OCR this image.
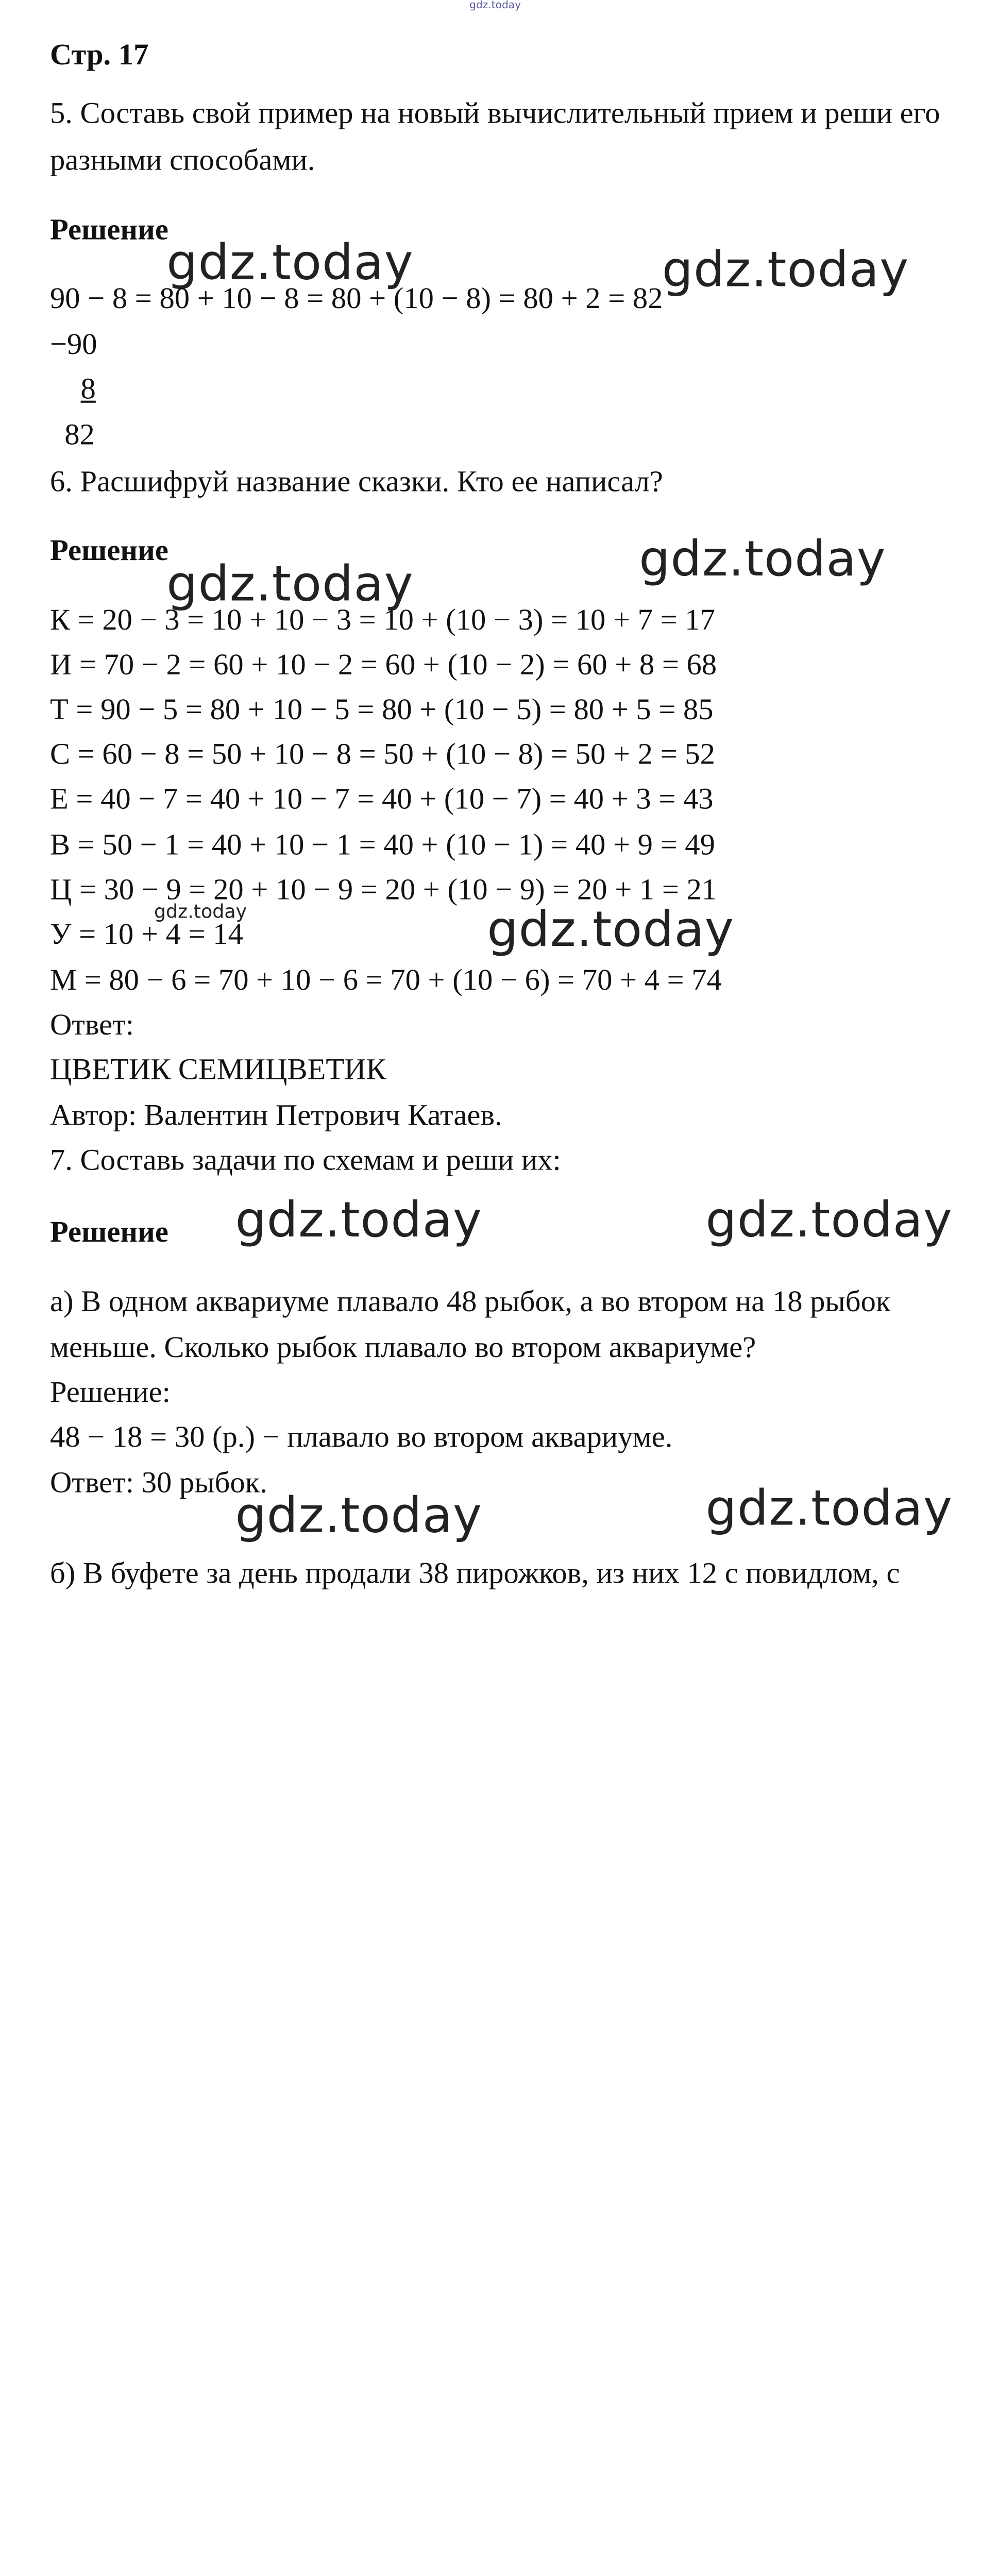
gdz.today
Стр. 17
5. Составь свой пример на новый вычислительный прием и реши его
разными способами.
Решение
gdz.today	gdz.today
90 − 8 = 80 + 10 − 8 = 80 + (10 − 8) = 80 + 2 = 82
−90
8
82
6. Расшифруй название сказки. Кто ее написал?
Решение	gdz.today
gdz.today
К = 20 − 3 = 10 + 10 − 3 = 10 + (10 − 3) = 10 + 7 = 17
И = 70 − 2 = 60 + 10 − 2 = 60 + (10 − 2) = 60 + 8 = 68
Т = 90 − 5 = 80 + 10 − 5 = 80 + (10 − 5) = 80 + 5 = 85
С = 60 − 8 = 50 + 10 − 8 = 50 + (10 − 8) = 50 + 2 = 52
Е = 40 − 7 = 40 + 10 − 7 = 40 + (10 − 7) = 40 + 3 = 43
В = 50 − 1 = 40 + 10 − 1 = 40 + (10 − 1) = 40 + 9 = 49
Ц = 30 − 9 = 20 + 10 − 9 = 20 + (10 − 9) = 20 + 1 = 21
gdz.today
У = 10 + 4 = 14	gdz.today
М = 80 − 6 = 70 + 10 − 6 = 70 + (10 − 6) = 70 + 4 = 74
Ответ:
ЦВЕТИК СЕМИЦВЕТИК
Автор: Валентин Петрович Катаев.
7. Составь задачи по схемам и реши их:
gdz.today	gdz.today
Решение
а) В одном аквариуме плавало 48 рыбок, а во втором на 18 рыбок
меньше. Сколько рыбок плавало во втором аквариуме?
Решение:
48 − 18 = 30 (р.) − плавало во втором аквариуме.
Ответ: 30 рыбок.
gdz.today	gdz.today
б) В буфете за день продали 38 пирожков, из них 12 с повидлом, с
